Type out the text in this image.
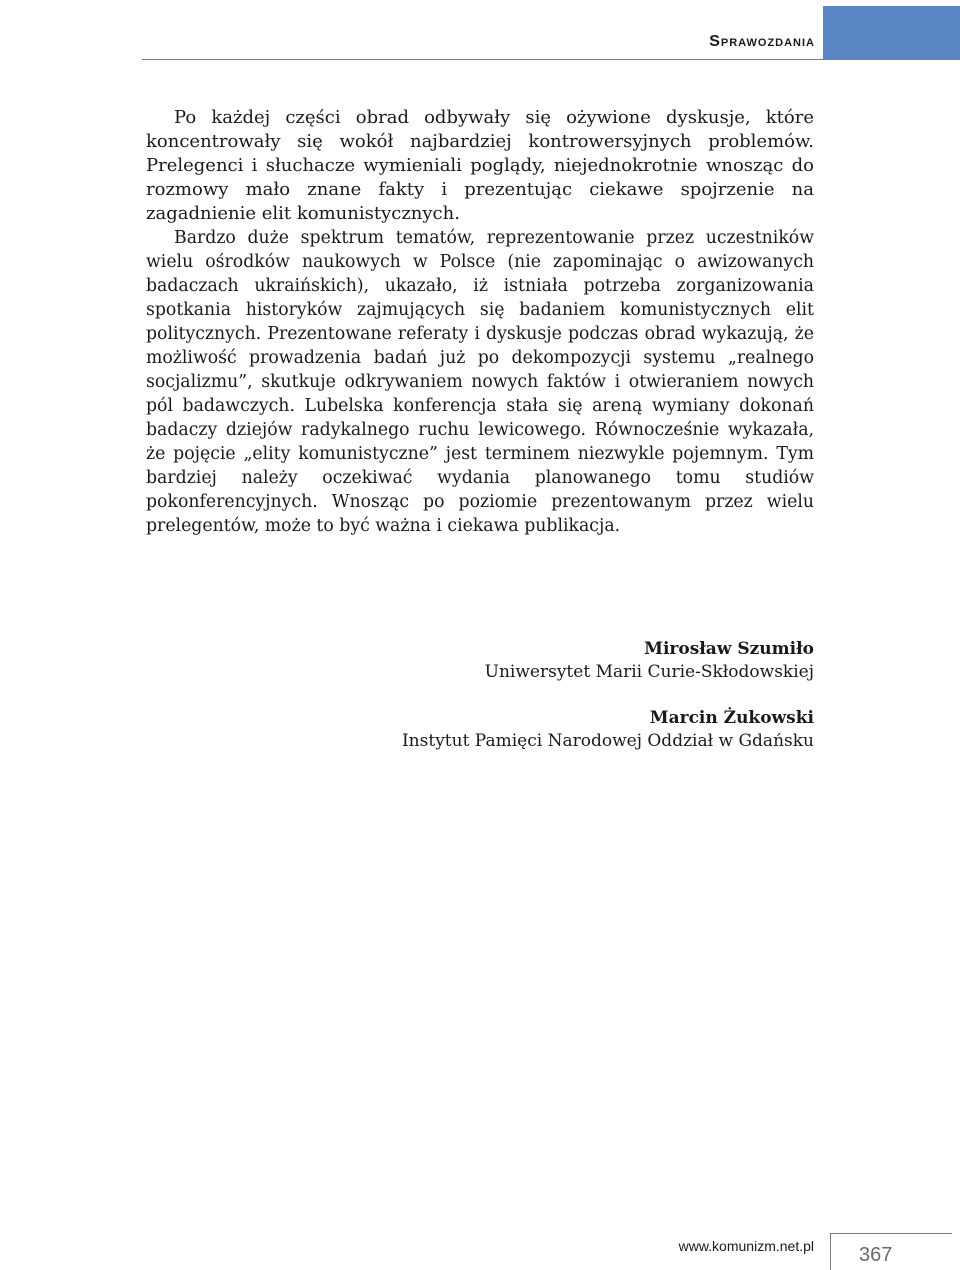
Sprawozdania

Po każdej części obrad odbywały się ożywione dyskusje, które koncentrowały się wokół najbardziej kontrowersyjnych problemów. Prelegenci i słuchacze wymieniali poglądy, niejednokrotnie wnosząc do rozmowy mało znane fakty i prezentując ciekawe spojrzenie na zagadnienie elit komunistycznych.

Bardzo duże spektrum tematów, reprezentowanie przez uczestników wielu ośrodków naukowych w Polsce (nie zapominając o awizowanych badaczach ukraińskich), ukazało, iż istniała potrzeba zorganizowania spotkania historyków zajmujących się badaniem komunistycznych elit politycznych. Prezentowane referaty i dyskusje podczas obrad wykazują, że możliwość prowadzenia badań już po dekompozycji systemu „realnego socjalizmu”, skutkuje odkrywaniem nowych faktów i otwieraniem nowych pól badawczych. Lubelska konferencja stała się areną wymiany dokonań badaczy dziejów radykalnego ruchu lewicowego. Równocześnie wykazała, że pojęcie „elity komunistyczne” jest terminem niezwykle pojemnym. Tym bardziej należy oczekiwać wydania planowanego tomu studiów pokonferencyjnych. Wnosząc po poziomie prezentowanym przez wielu prelegentów, może to być ważna i ciekawa publikacja.

Mirosław Szumiło
Uniwersytet Marii Curie-Skłodowskiej
Marcin Żukowski
Instytut Pamięci Narodowej Oddział w Gdańsku
www.komunizm.net.pl 367
